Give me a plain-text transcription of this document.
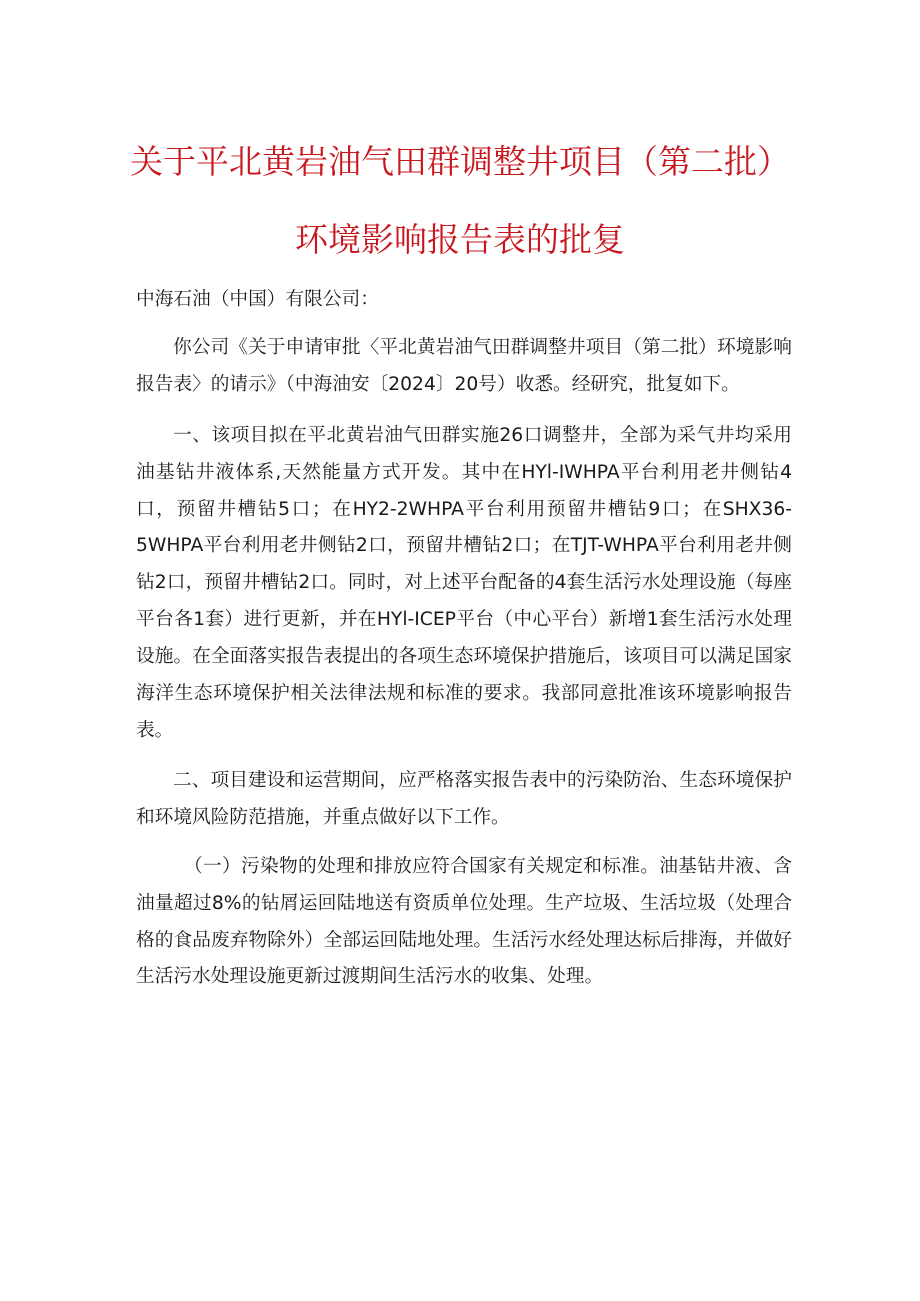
关于平北黄岩油气田群调整井项目（第二批）
环境影响报告表的批复

中海石油（中国）有限公司：

你公司《关于申请审批〈平北黄岩油气田群调整井项目（第二批）环境影响报告表〉的请示》（中海油安〔2024〕20号）收悉。经研究，批复如下。

一、该项目拟在平北黄岩油气田群实施26口调整井，全部为采气井均采用油基钻井液体系,天然能量方式开发。其中在HYl-IWHPA平台利用老井侧钻4口，预留井槽钻5口；在HY2-2WHPA平台利用预留井槽钻9口；在SHX36-5WHPA平台利用老井侧钻2口，预留井槽钻2口；在TJT-WHPA平台利用老井侧钻2口，预留井槽钻2口。同时，对上述平台配备的4套生活污水处理设施（每座平台各1套）进行更新，并在HYl-ICEP平台（中心平台）新增1套生活污水处理设施。在全面落实报告表提出的各项生态环境保护措施后，该项目可以满足国家海洋生态环境保护相关法律法规和标准的要求。我部同意批准该环境影响报告表。

二、项目建设和运营期间，应严格落实报告表中的污染防治、生态环境保护和环境风险防范措施，并重点做好以下工作。

（一）污染物的处理和排放应符合国家有关规定和标准。油基钻井液、含油量超过8%的钻屑运回陆地送有资质单位处理。生产垃圾、生活垃圾（处理合格的食品废弃物除外）全部运回陆地处理。生活污水经处理达标后排海，并做好生活污水处理设施更新过渡期间生活污水的收集、处理。
